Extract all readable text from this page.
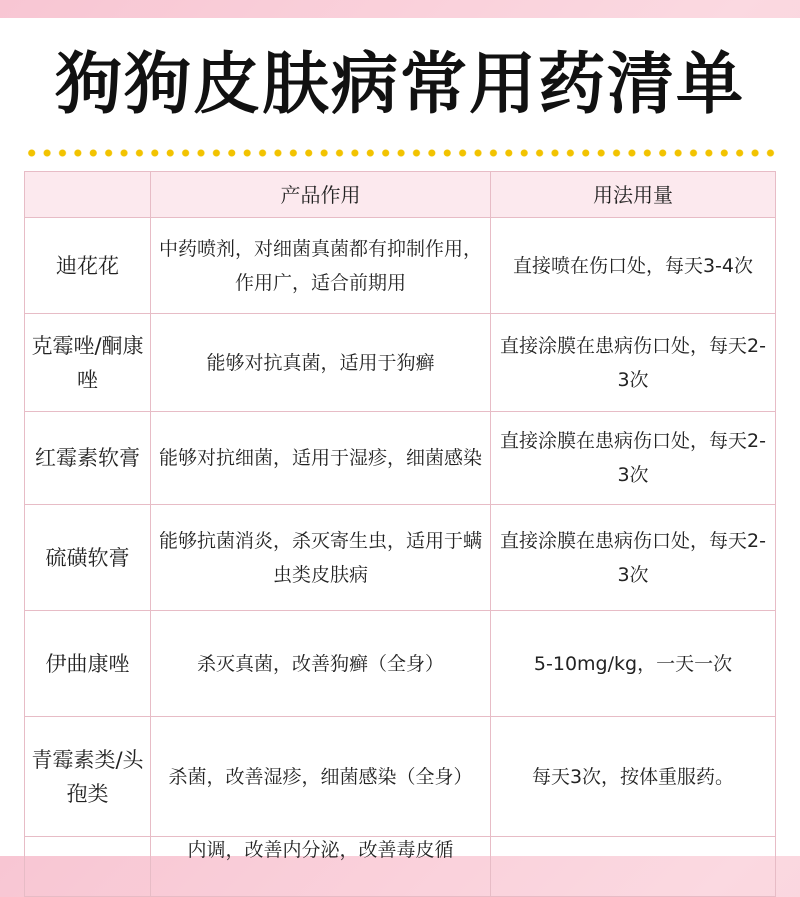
狗狗皮肤病常用药清单
	产品作用	用法用量
迪花花	中药喷剂，对细菌真菌都有抑制作用，作用广，适合前期用	直接喷在伤口处，每天3-4次
克霉唑/酮康唑	能够对抗真菌，适用于狗癣	直接涂膜在患病伤口处，每天2-3次
红霉素软膏	能够对抗细菌，适用于湿疹，细菌感染	直接涂膜在患病伤口处，每天2-3次
硫磺软膏	能够抗菌消炎，杀灭寄生虫，适用于螨虫类皮肤病	直接涂膜在患病伤口处，每天2-3次
伊曲康唑	杀灭真菌，改善狗癣（全身）	5-10mg/kg，一天一次
青霉素类/头孢类	杀菌，改善湿疹，细菌感染（全身）	每天3次，按体重服药。
	内调，改善内分泌，改善毒皮循	
